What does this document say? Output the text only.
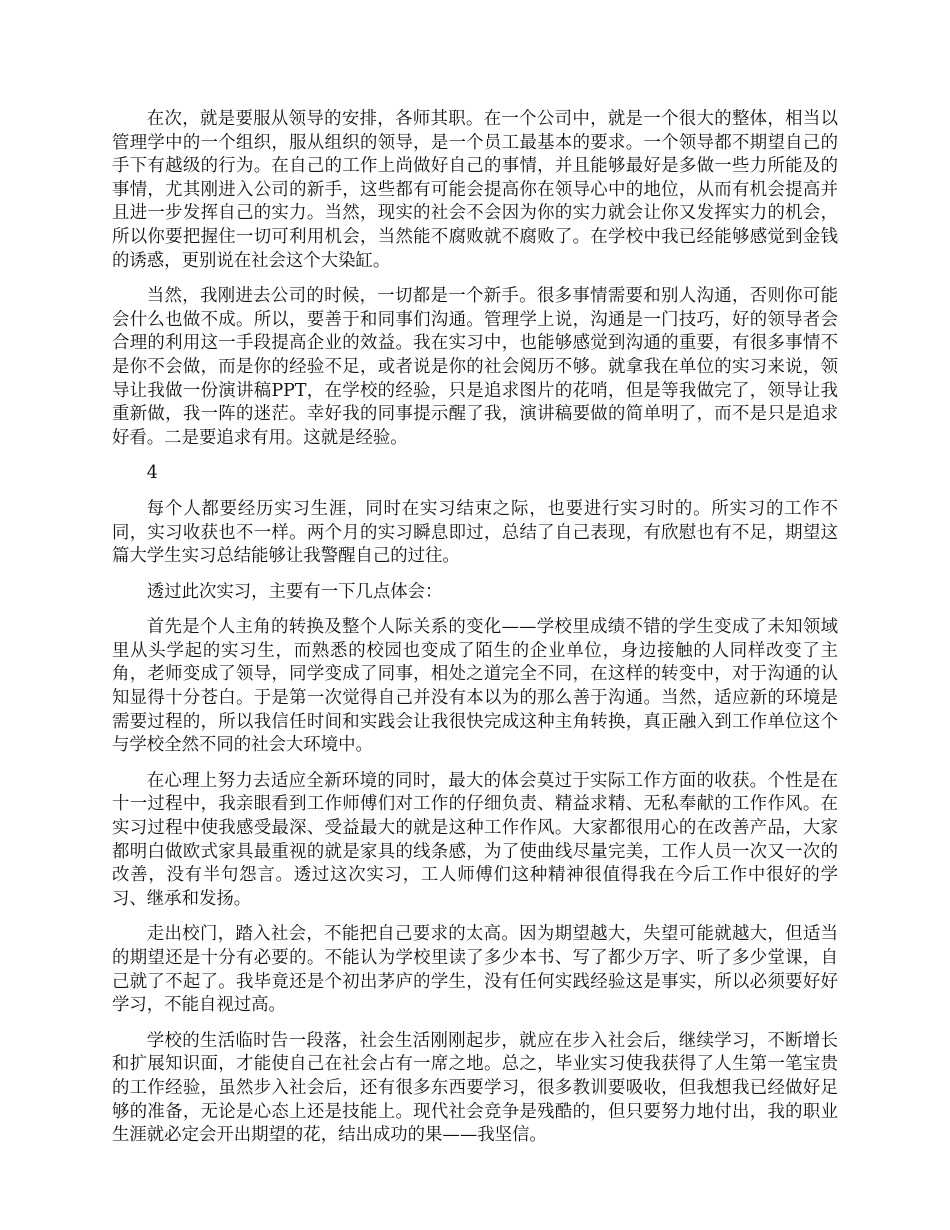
在次，就是要服从领导的安排，各师其职。在一个公司中，就是一个很大的整体，相当以管理学中的一个组织，服从组织的领导，是一个员工最基本的要求。一个领导都不期望自己的手下有越级的行为。在自己的工作上尚做好自己的事情，并且能够最好是多做一些力所能及的事情，尤其刚进入公司的新手，这些都有可能会提高你在领导心中的地位，从而有机会提高并且进一步发挥自己的实力。当然，现实的社会不会因为你的实力就会让你又发挥实力的机会，所以你要把握住一切可利用机会，当然能不腐败就不腐败了。在学校中我已经能够感觉到金钱的诱惑，更别说在社会这个大染缸。

当然，我刚进去公司的时候，一切都是一个新手。很多事情需要和别人沟通，否则你可能会什么也做不成。所以，要善于和同事们沟通。管理学上说，沟通是一门技巧，好的领导者会合理的利用这一手段提高企业的效益。我在实习中，也能够感觉到沟通的重要，有很多事情不是你不会做，而是你的经验不足，或者说是你的社会阅历不够。就拿我在单位的实习来说，领导让我做一份演讲稿PPT，在学校的经验，只是追求图片的花哨，但是等我做完了，领导让我重新做，我一阵的迷茫。幸好我的同事提示醒了我，演讲稿要做的简单明了，而不是只是追求好看。二是要追求有用。这就是经验。

4

每个人都要经历实习生涯，同时在实习结束之际，也要进行实习时的。所实习的工作不同，实习收获也不一样。两个月的实习瞬息即过，总结了自己表现，有欣慰也有不足，期望这篇大学生实习总结能够让我警醒自己的过往。

透过此次实习，主要有一下几点体会：

首先是个人主角的转换及整个人际关系的变化——学校里成绩不错的学生变成了未知领域里从头学起的实习生，而熟悉的校园也变成了陌生的企业单位，身边接触的人同样改变了主角，老师变成了领导，同学变成了同事，相处之道完全不同，在这样的转变中，对于沟通的认知显得十分苍白。于是第一次觉得自己并没有本以为的那么善于沟通。当然，适应新的环境是需要过程的，所以我信任时间和实践会让我很快完成这种主角转换，真正融入到工作单位这个与学校全然不同的社会大环境中。

在心理上努力去适应全新环境的同时，最大的体会莫过于实际工作方面的收获。个性是在十一过程中，我亲眼看到工作师傅们对工作的仔细负责、精益求精、无私奉献的工作作风。在实习过程中使我感受最深、受益最大的就是这种工作作风。大家都很用心的在改善产品，大家都明白做欧式家具最重视的就是家具的线条感，为了使曲线尽量完美，工作人员一次又一次的改善，没有半句怨言。透过这次实习，工人师傅们这种精神很值得我在今后工作中很好的学习、继承和发扬。

走出校门，踏入社会，不能把自己要求的太高。因为期望越大，失望可能就越大，但适当的期望还是十分有必要的。不能认为学校里读了多少本书、写了都少万字、听了多少堂课，自己就了不起了。我毕竟还是个初出茅庐的学生，没有任何实践经验这是事实，所以必须要好好学习，不能自视过高。

学校的生活临时告一段落，社会生活刚刚起步，就应在步入社会后，继续学习，不断增长和扩展知识面，才能使自己在社会占有一席之地。总之，毕业实习使我获得了人生第一笔宝贵的工作经验，虽然步入社会后，还有很多东西要学习，很多教训要吸收，但我想我已经做好足够的准备，无论是心态上还是技能上。现代社会竞争是残酷的，但只要努力地付出，我的职业生涯就必定会开出期望的花，结出成功的果——我坚信。
